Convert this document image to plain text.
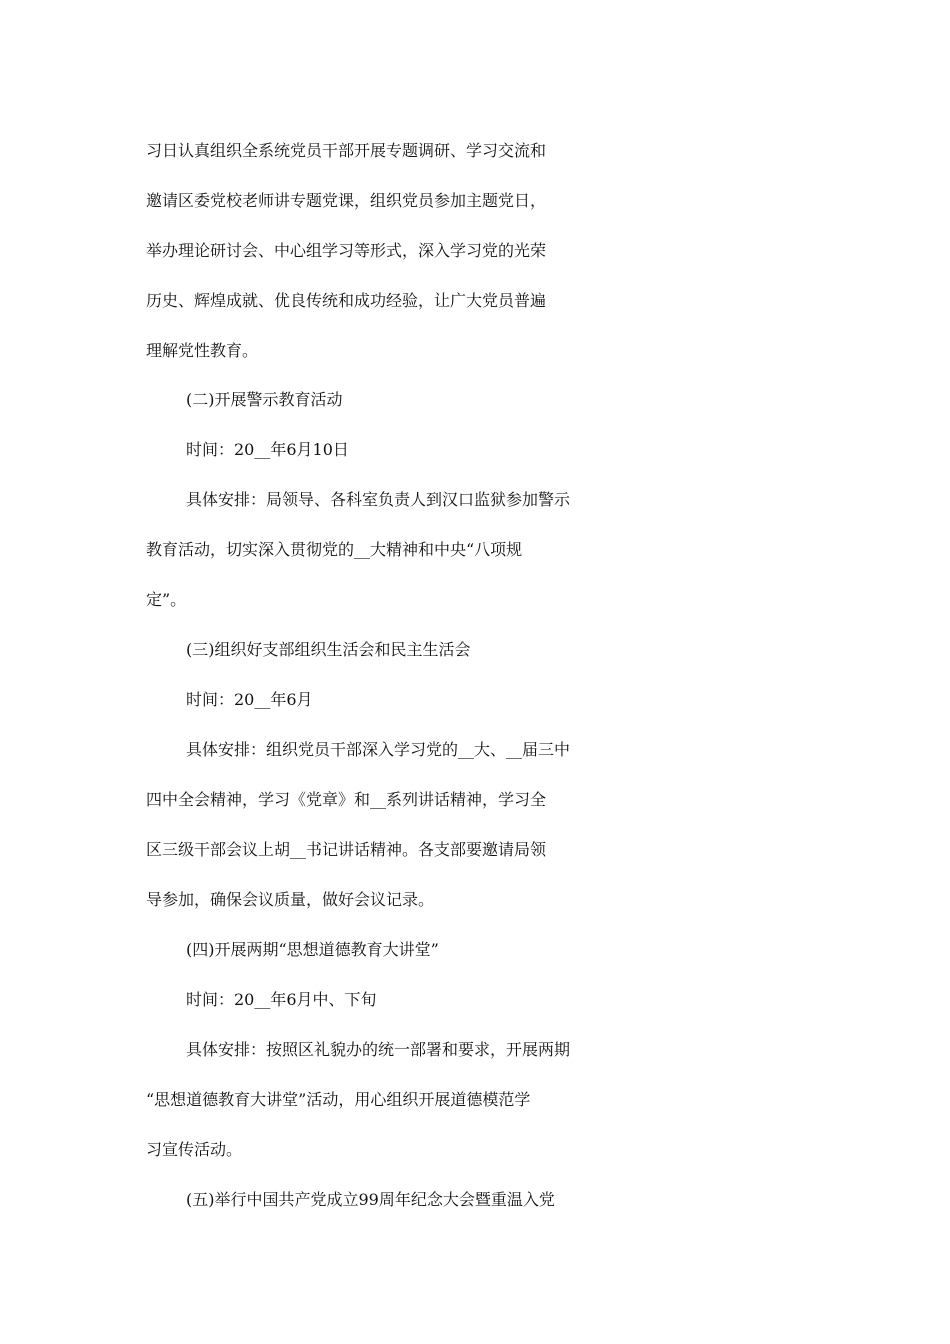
习日认真组织全系统党员干部开展专题调研、学习交流和
邀请区委党校老师讲专题党课，组织党员参加主题党日，
举办理论研讨会、中心组学习等形式，深入学习党的光荣
历史、辉煌成就、优良传统和成功经验，让广大党员普遍
理解党性教育。
(二)开展警示教育活动
时间：20__年6月10日
具体安排：局领导、各科室负责人到汉口监狱参加警示
教育活动，切实深入贯彻党的__大精神和中央“八项规
定”。
(三)组织好支部组织生活会和民主生活会
时间：20__年6月
具体安排：组织党员干部深入学习党的__大、__届三中
四中全会精神，学习《党章》和__系列讲话精神，学习全
区三级干部会议上胡__书记讲话精神。各支部要邀请局领
导参加，确保会议质量，做好会议记录。
(四)开展两期“思想道德教育大讲堂”
时间：20__年6月中、下旬
具体安排：按照区礼貌办的统一部署和要求，开展两期
“思想道德教育大讲堂”活动，用心组织开展道德模范学
习宣传活动。
(五)举行中国共产党成立99周年纪念大会暨重温入党
